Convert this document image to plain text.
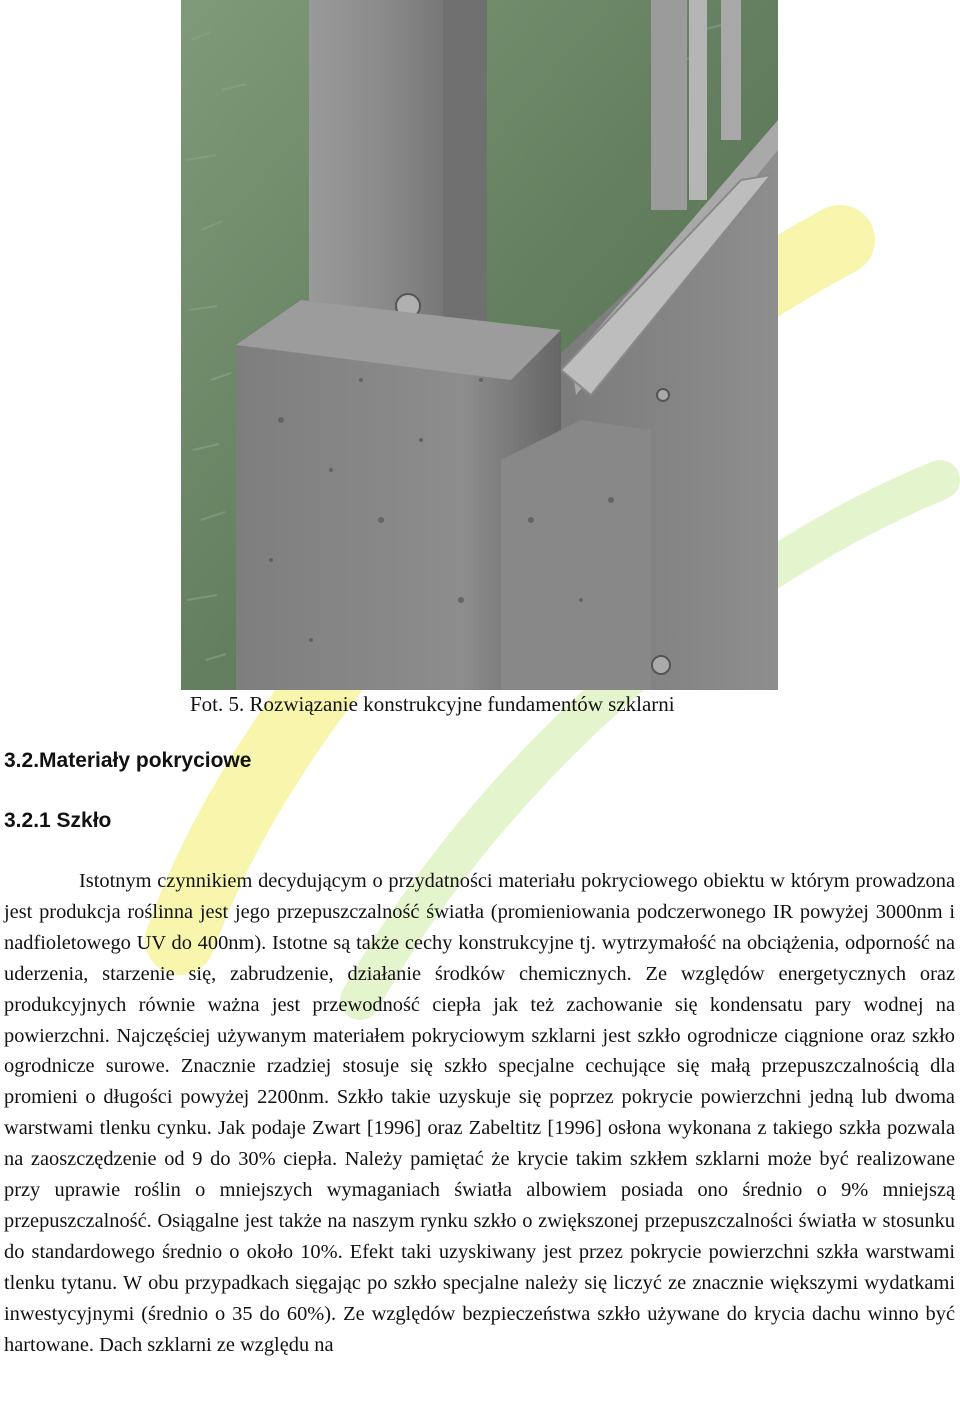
Fot. 5. Rozwiązanie konstrukcyjne fundamentów szklarni
3.2.Materiały pokryciowe
3.2.1 Szkło

Istotnym czynnikiem decydującym o przydatności materiału pokryciowego obiektu w którym prowadzona jest produkcja roślinna jest jego przepuszczalność światła (promieniowania podczerwonego IR powyżej 3000nm i nadfioletowego UV do 400nm). Istotne są także cechy konstrukcyjne tj. wytrzymałość na obciążenia, odporność na uderzenia, starzenie się, zabrudzenie, działanie środków chemicznych. Ze względów energetycznych oraz produkcyjnych równie ważna jest przewodność ciepła jak też zachowanie się kondensatu pary wodnej na powierzchni. Najczęściej używanym materiałem pokryciowym szklarni jest szkło ogrodnicze ciągnione oraz szkło ogrodnicze surowe. Znacznie rzadziej stosuje się szkło specjalne cechujące się małą przepuszczalnością dla promieni o długości powyżej 2200nm. Szkło takie uzyskuje się poprzez pokrycie powierzchni jedną lub dwoma warstwami tlenku cynku. Jak podaje Zwart [1996] oraz Zabeltitz [1996] osłona wykonana z takiego szkła pozwala na zaoszczędzenie od 9 do 30% ciepła. Należy pamiętać że krycie takim szkłem szklarni może być realizowane przy uprawie roślin o mniejszych wymaganiach światła albowiem posiada ono średnio o 9% mniejszą przepuszczalność. Osiągalne jest także na naszym rynku szkło o zwiększonej przepuszczalności światła w stosunku do standardowego średnio o około 10%. Efekt taki uzyskiwany jest przez pokrycie powierzchni szkła warstwami tlenku tytanu. W obu przypadkach sięgając po szkło specjalne należy się liczyć ze znacznie większymi wydatkami inwestycyjnymi (średnio o 35 do 60%). Ze względów bezpieczeństwa szkło używane do krycia dachu winno być hartowane. Dach szklarni ze względu na
